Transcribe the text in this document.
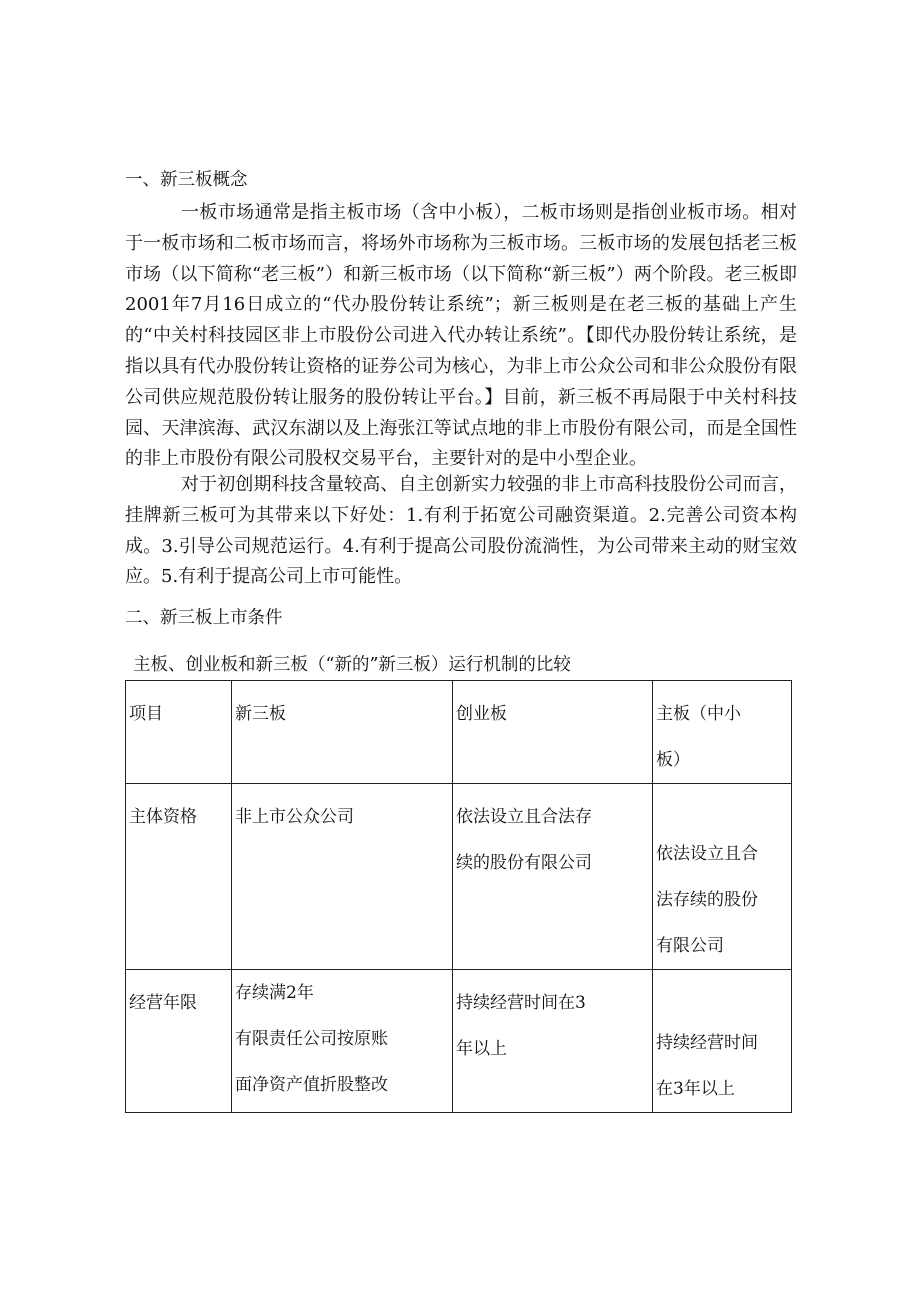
一、新三板概念

一板市场通常是指主板市场（含中小板），二板市场则是指创业板市场。相对于一板市场和二板市场而言，将场外市场称为三板市场。三板市场的发展包括老三板市场（以下简称“老三板”）和新三板市场（以下简称“新三板”）两个阶段。老三板即2001年7月16日成立的“代办股份转让系统”；新三板则是在老三板的基础上产生的“中关村科技园区非上市股份公司进入代办转让系统”。【即代办股份转让系统，是指以具有代办股份转让资格的证券公司为核心，为非上市公众公司和非公众股份有限公司供应规范股份转让服务的股份转让平台。】目前，新三板不再局限于中关村科技园、天津滨海、武汉东湖以及上海张江等试点地的非上市股份有限公司，而是全国性的非上市股份有限公司股权交易平台，主要针对的是中小型企业。

对于初创期科技含量较高、自主创新实力较强的非上市高科技股份公司而言，挂牌新三板可为其带来以下好处：1.有利于拓宽公司融资渠道。2.完善公司资本构成。3.引导公司规范运行。4.有利于提高公司股份流淌性，为公司带来主动的财宝效应。5.有利于提高公司上市可能性。

二、新三板上市条件

主板、创业板和新三板（“新的”新三板）运行机制的比较

项目	新三板	创业板	主板（中小
板）

主体资格	非上市公众公司	依法设立且合法存
续的股份有限公司	依法设立且合
法存续的股份
有限公司

经营年限	存续满2年
有限责任公司按原账
面净资产值折股整改	持续经营时间在3
年以上	持续经营时间
在3年以上
